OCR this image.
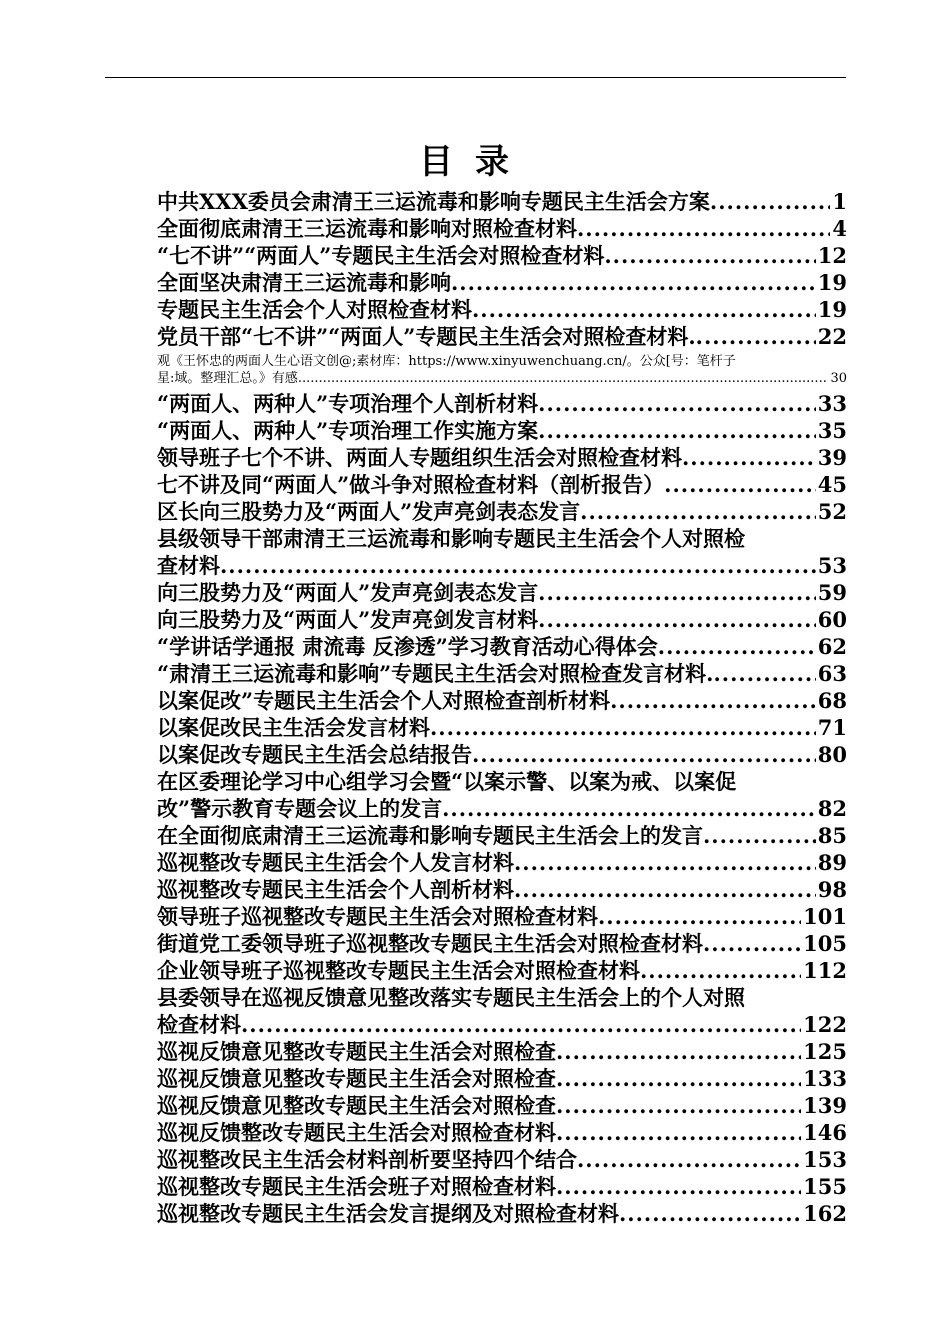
目录
中共XXX委员会肃清王三运流毒和影响专题民主生活会方案 .....	1
全面彻底肃清王三运流毒和影响对照检查材料 .....	4
“七不讲”“两面人”专题民主生活会对照检查材料 .....	12
全面坚决肃清王三运流毒和影响 .....	19
专题民主生活会个人对照检查材料 .....	19
党员干部“七不讲”“两面人”专题民主生活会对照检查材料. .....	22
观《王怀忠的两面人生心语文创@;素材库：https://www.xinyuwenchuang.cn/。公众[号：笔杆子
星:域。整理汇总。》有感 .....	30
“两面人、两种人”专项治理个人剖析材料 .....	33
“两面人、两种人”专项治理工作实施方案 .....	35
领导班子七个不讲、两面人专题组织生活会对照检查材料 .....	39
七不讲及同“两面人”做斗争对照检查材料（剖析报告） .....	45
区长向三股势力及“两面人”发声亮剑表态发言 .....	52
县级领导干部肃清王三运流毒和影响专题民主生活会个人对照检
查材料 .....	53
向三股势力及“两面人”发声亮剑表态发言 .....	59
向三股势力及“两面人”发声亮剑发言材料 .....	60
“学讲话学通报 肃流毒 反渗透”学习教育活动心得体会 .....	62
“肃清王三运流毒和影响”专题民主生活会对照检查发言材料. .....	63
以案促改”专题民主生活会个人对照检查剖析材料 .....	68
以案促改民主生活会发言材料 .....	71
以案促改专题民主生活会总结报告 .....	80
在区委理论学习中心组学习会暨“以案示警、以案为戒、以案促
改”警示教育专题会议上的发言 .....	82
在全面彻底肃清王三运流毒和影响专题民主生活会上的发言 .....	85
巡视整改专题民主生活会个人发言材料 .....	89
巡视整改专题民主生活会个人剖析材料 .....	98
领导班子巡视整改专题民主生活会对照检查材料 .....	101
街道党工委领导班子巡视整改专题民主生活会对照检查材料 .....	105
企业领导班子巡视整改专题民主生活会对照检查材料 .....	112
县委领导在巡视反馈意见整改落实专题民主生活会上的个人对照
检查材料 .....	122
巡视反馈意见整改专题民主生活会对照检查 .....	125
巡视反馈意见整改专题民主生活会对照检查 .....	133
巡视反馈意见整改专题民主生活会对照检查 .....	139
巡视反馈整改专题民主生活会对照检查材料 .....	146
巡视整改民主生活会材料剖析要坚持四个结合 .....	153
巡视整改专题民主生活会班子对照检查材料 .....	155
巡视整改专题民主生活会发言提纲及对照检查材料 .....	162
